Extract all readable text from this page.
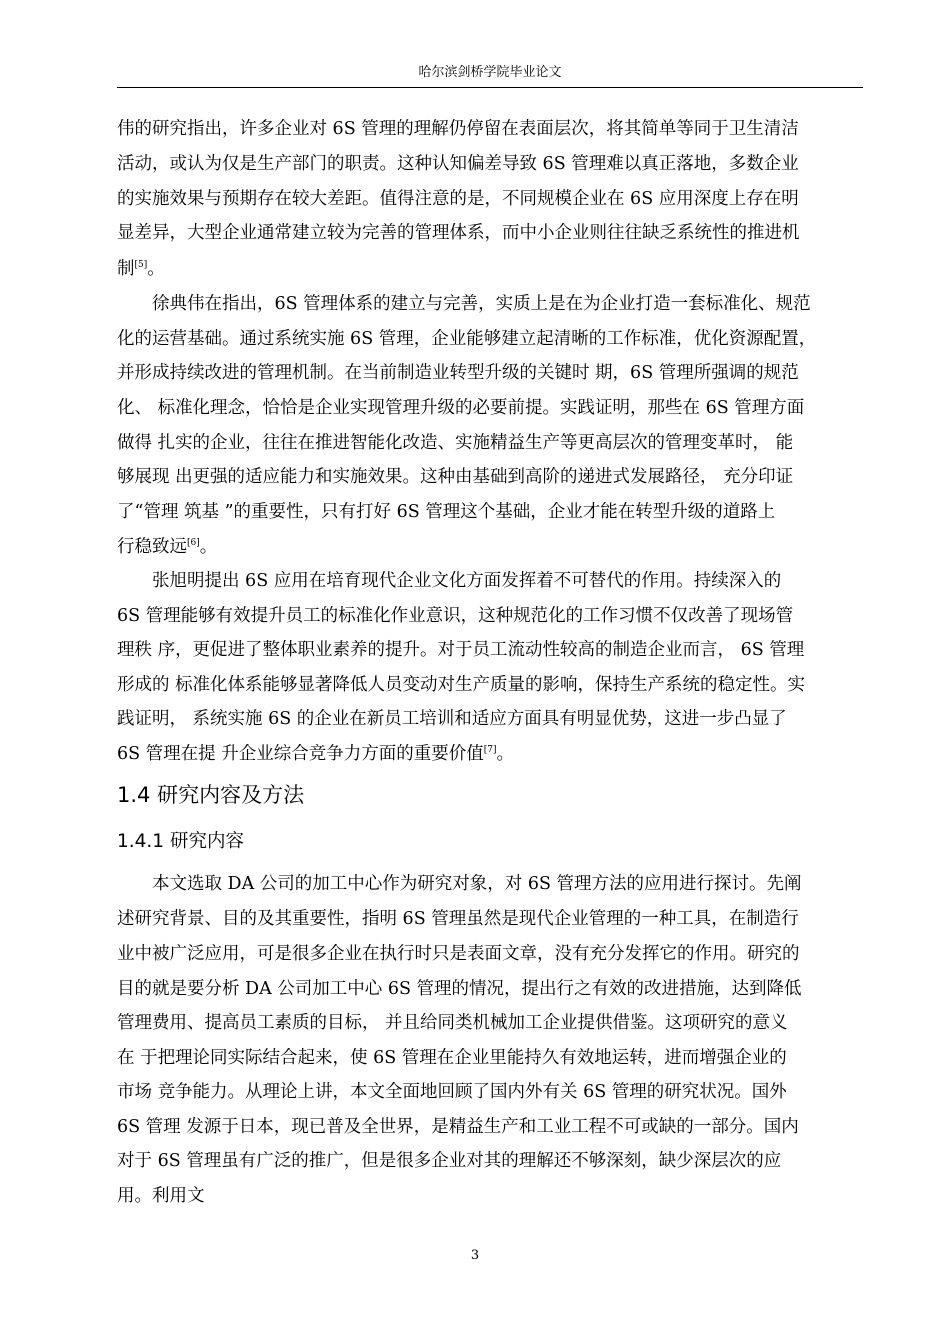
哈尔滨剑桥学院毕业论文
伟的研究指出，许多企业对 6S 管理的理解仍停留在表面层次，将其简单等同于卫生清洁
活动，或认为仅是生产部门的职责。这种认知偏差导致 6S 管理难以真正落地，多数企业
的实施效果与预期存在较大差距。值得注意的是，不同规模企业在 6S 应用深度上存在明
显差异，大型企业通常建立较为完善的管理体系，而中小企业则往往缺乏系统性的推进机
制[5]。
徐典伟在指出，6S 管理体系的建立与完善，实质上是在为企业打造一套标准化、规范
化的运营基础。通过系统实施 6S 管理，企业能够建立起清晰的工作标准，优化资源配置，
并形成持续改进的管理机制。在当前制造业转型升级的关键时 期，6S 管理所强调的规范
化、 标准化理念，恰恰是企业实现管理升级的必要前提。实践证明，那些在 6S 管理方面
做得 扎实的企业，往往在推进智能化改造、实施精益生产等更高层次的管理变革时， 能
够展现 出更强的适应能力和实施效果。这种由基础到高阶的递进式发展路径， 充分印证
了“管理 筑基 ”的重要性，只有打好 6S 管理这个基础，企业才能在转型升级的道路上
行稳致远[6]。
张旭明提出 6S 应用在培育现代企业文化方面发挥着不可替代的作用。持续深入的
6S 管理能够有效提升员工的标准化作业意识，这种规范化的工作习惯不仅改善了现场管
理秩 序，更促进了整体职业素养的提升。对于员工流动性较高的制造企业而言， 6S 管理
形成的 标准化体系能够显著降低人员变动对生产质量的影响，保持生产系统的稳定性。实
践证明， 系统实施 6S 的企业在新员工培训和适应方面具有明显优势，这进一步凸显了
6S 管理在提 升企业综合竞争力方面的重要价值[7]。
1.4 研究内容及方法
1.4.1 研究内容
本文选取 DA 公司的加工中心作为研究对象，对 6S 管理方法的应用进行探讨。先阐
述研究背景、目的及其重要性，指明 6S 管理虽然是现代企业管理的一种工具，在制造行
业中被广泛应用，可是很多企业在执行时只是表面文章，没有充分发挥它的作用。研究的
目的就是要分析 DA 公司加工中心 6S 管理的情况，提出行之有效的改进措施，达到降低
管理费用、提高员工素质的目标， 并且给同类机械加工企业提供借鉴。这项研究的意义
在 于把理论同实际结合起来，使 6S 管理在企业里能持久有效地运转，进而增强企业的
市场 竞争能力。从理论上讲，本文全面地回顾了国内外有关 6S 管理的研究状况。国外
6S 管理 发源于日本，现已普及全世界，是精益生产和工业工程不可或缺的一部分。国内
对于 6S 管理虽有广泛的推广，但是很多企业对其的理解还不够深刻，缺少深层次的应
用。利用文
3
